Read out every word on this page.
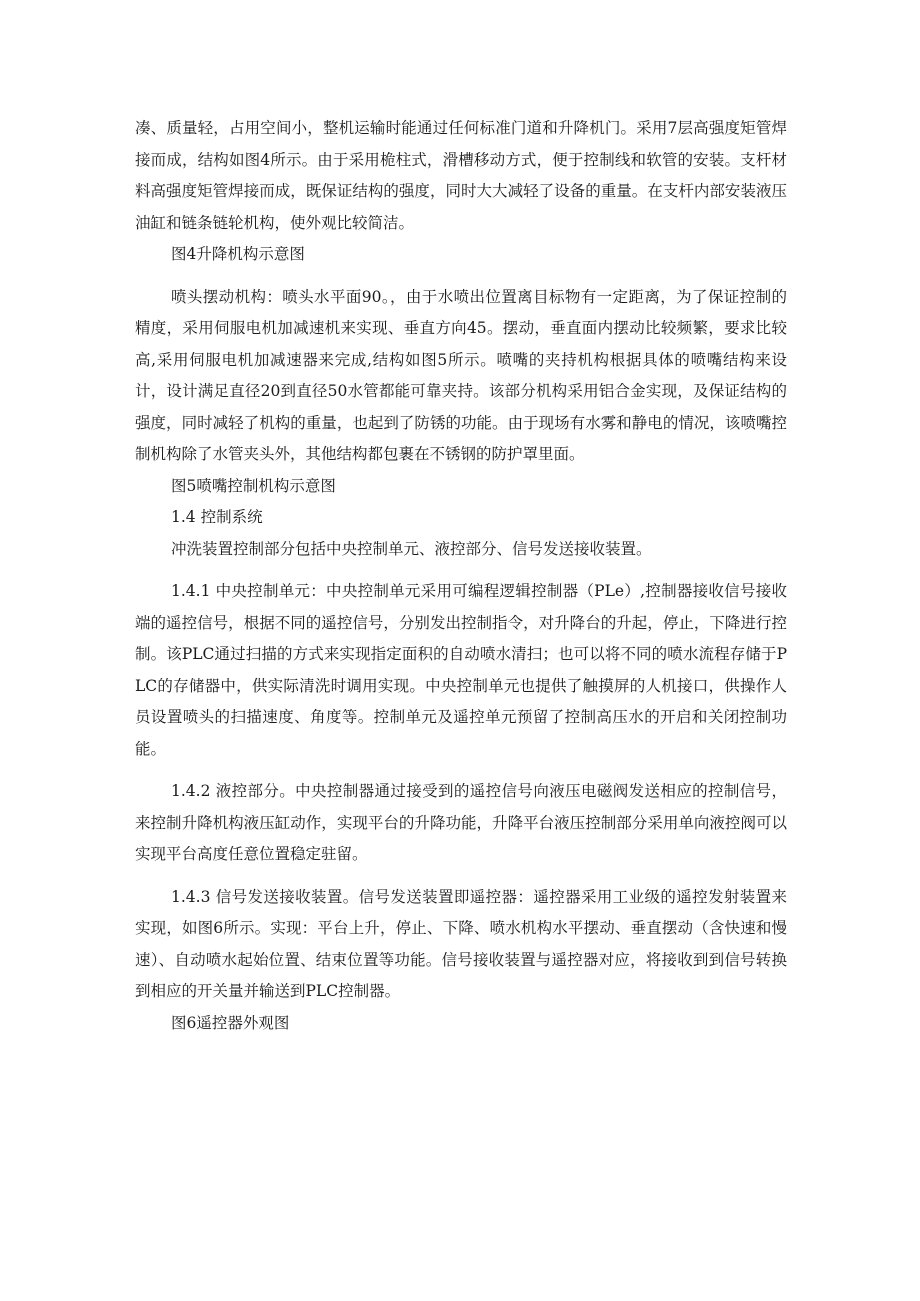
凑、质量轻，占用空间小，整机运输时能通过任何标准门道和升降机门。采用7层高强度矩管焊接而成，结构如图4所示。由于采用桅柱式，滑槽移动方式，便于控制线和软管的安装。支杆材料高强度矩管焊接而成，既保证结构的强度，同时大大减轻了设备的重量。在支杆内部安装液压油缸和链条链轮机构，使外观比较简洁。

图4升降机构示意图

喷头摆动机构：喷头水平面90。，由于水喷出位置离目标物有一定距离，为了保证控制的精度，采用伺服电机加减速机来实现、垂直方向45。摆动，垂直面内摆动比较频繁，要求比较高,采用伺服电机加减速器来完成,结构如图5所示。喷嘴的夹持机构根据具体的喷嘴结构来设计，设计满足直径20到直径50水管都能可靠夹持。该部分机构采用铝合金实现，及保证结构的强度，同时减轻了机构的重量，也起到了防锈的功能。由于现场有水雾和静电的情况，该喷嘴控制机构除了水管夹头外，其他结构都包裹在不锈钢的防护罩里面。

图5喷嘴控制机构示意图

1.4 控制系统

冲洗装置控制部分包括中央控制单元、液控部分、信号发送接收装置。

1.4.1 中央控制单元：中央控制单元采用可编程逻辑控制器（PLe）,控制器接收信号接收端的遥控信号，根据不同的遥控信号，分别发出控制指令，对升降台的升起，停止，下降进行控制。该PLC通过扫描的方式来实现指定面积的自动喷水清扫；也可以将不同的喷水流程存储于PLC的存储器中，供实际清洗时调用实现。中央控制单元也提供了触摸屏的人机接口，供操作人员设置喷头的扫描速度、角度等。控制单元及遥控单元预留了控制高压水的开启和关闭控制功能。

1.4.2 液控部分。中央控制器通过接受到的遥控信号向液压电磁阀发送相应的控制信号，来控制升降机构液压缸动作，实现平台的升降功能，升降平台液压控制部分采用单向液控阀可以实现平台高度任意位置稳定驻留。

1.4.3 信号发送接收装置。信号发送装置即遥控器：遥控器采用工业级的遥控发射装置来实现，如图6所示。实现：平台上升，停止、下降、喷水机构水平摆动、垂直摆动（含快速和慢速）、自动喷水起始位置、结束位置等功能。信号接收装置与遥控器对应，将接收到到信号转换到相应的开关量并输送到PLC控制器。

图6遥控器外观图
